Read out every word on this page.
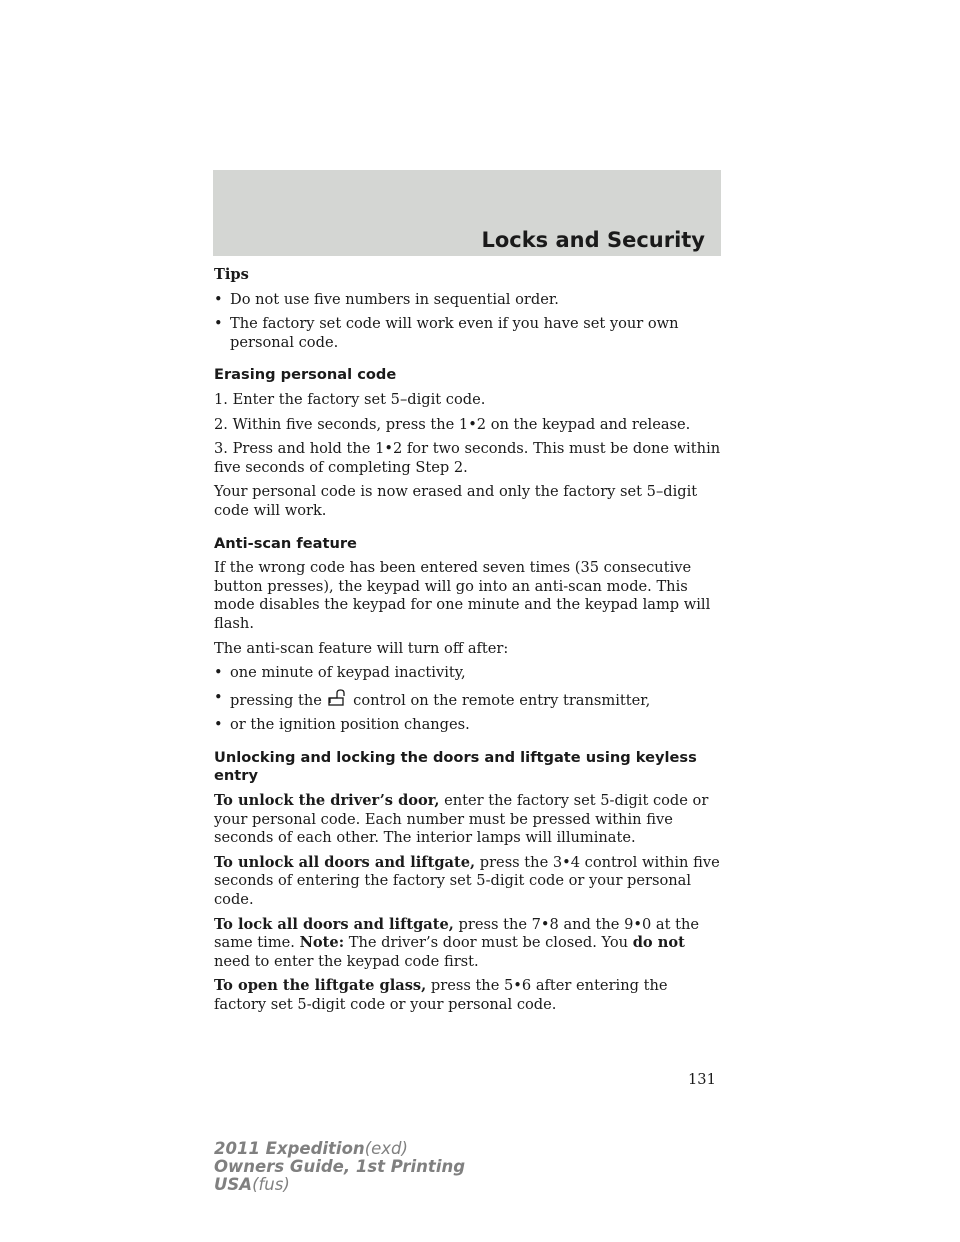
Locks and Security
Tips
• Do not use five numbers in sequential order.
• The factory set code will work even if you have set your own personal code.
Erasing personal code

1. Enter the factory set 5–digit code.

2. Within five seconds, press the 1•2 on the keypad and release.

3. Press and hold the 1•2 for two seconds. This must be done within five seconds of completing Step 2.

Your personal code is now erased and only the factory set 5–digit code will work.

Anti-scan feature

If the wrong code has been entered seven times (35 consecutive button presses), the keypad will go into an anti-scan mode. This mode disables the keypad for one minute and the keypad lamp will flash.

The anti-scan feature will turn off after:

• one minute of keypad inactivity,
• pressing the control on the remote entry transmitter,
• or the ignition position changes.
Unlocking and locking the doors and liftgate using keyless entry

To unlock the driver’s door, enter the factory set 5-digit code or your personal code. Each number must be pressed within five seconds of each other. The interior lamps will illuminate.

To unlock all doors and liftgate, press the 3•4 control within five seconds of entering the factory set 5-digit code or your personal code.

To lock all doors and liftgate, press the 7•8 and the 9•0 at the same time. Note: The driver’s door must be closed. You do not need to enter the keypad code first.

To open the liftgate glass, press the 5•6 after entering the factory set 5-digit code or your personal code.

131
2011 Expedition(exd)
Owners Guide, 1st Printing
USA(fus)
